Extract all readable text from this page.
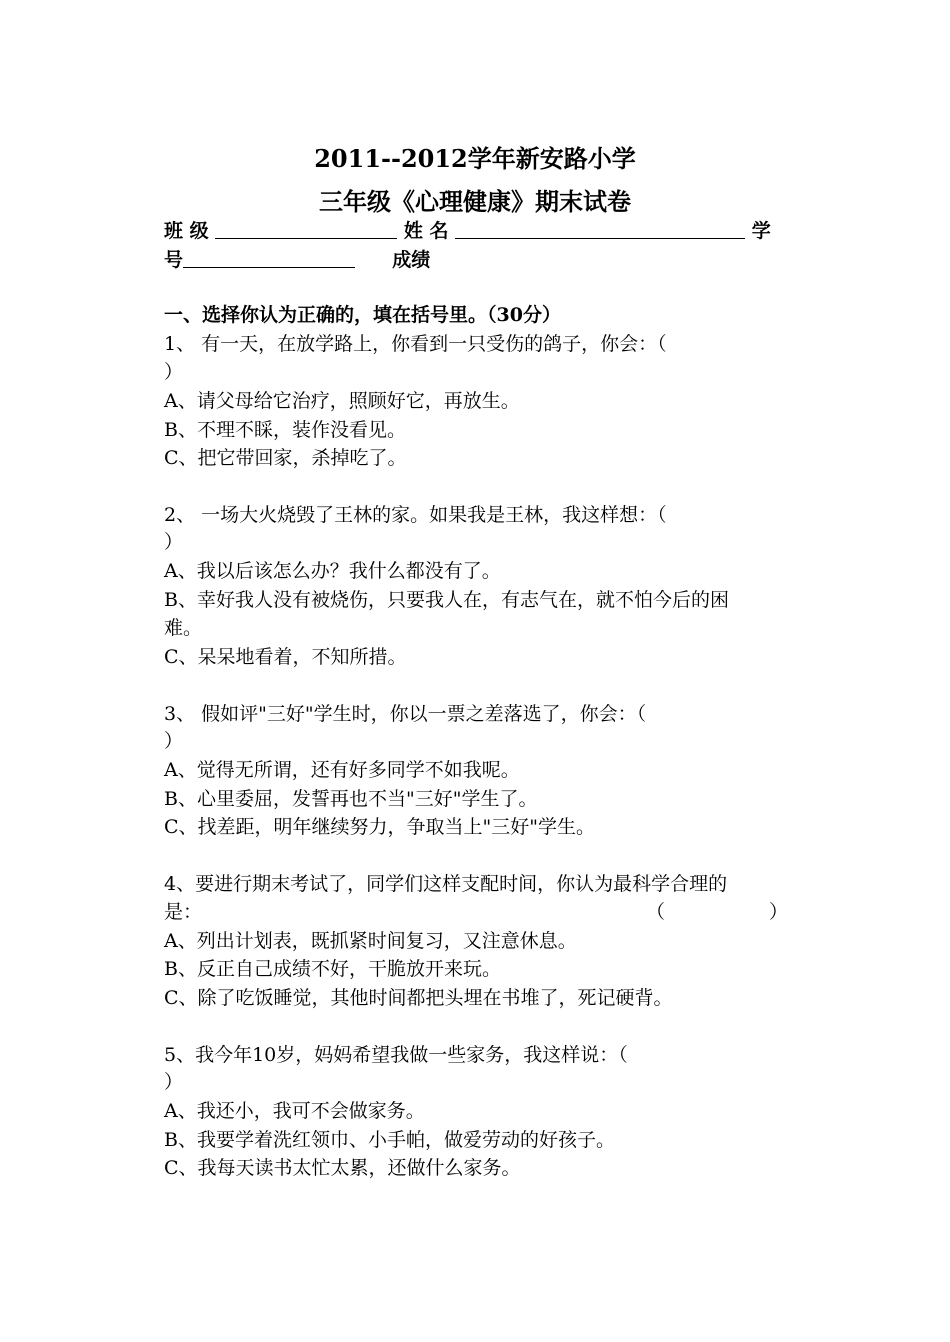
2011--2012学年新安路小学
三年级《心理健康》期末试卷
班 级	姓 名	学
号	成绩
一、选择你认为正确的，填在括号里。（30分）
1、 有一天，在放学路上，你看到一只受伤的鸽子，你会：（
）
A、请父母给它治疗，照顾好它，再放生。
B、不理不睬，装作没看见。
C、把它带回家，杀掉吃了。
2、 一场大火烧毁了王林的家。如果我是王林，我这样想：（
）
A、我以后该怎么办？我什么都没有了。
B、幸好我人没有被烧伤，只要我人在，有志气在，就不怕今后的困
难。
C、呆呆地看着，不知所措。
3、 假如评"三好"学生时，你以一票之差落选了，你会：（
）
A、觉得无所谓，还有好多同学不如我呢。
B、心里委屈，发誓再也不当"三好"学生了。
C、找差距，明年继续努力，争取当上"三好"学生。
4、要进行期末考试了，同学们这样支配时间，你认为最科学合理的
是：	（	）
A、列出计划表，既抓紧时间复习，又注意休息。
B、反正自己成绩不好，干脆放开来玩。
C、除了吃饭睡觉，其他时间都把头埋在书堆了，死记硬背。
5、我今年10岁，妈妈希望我做一些家务，我这样说：（
）
A、我还小，我可不会做家务。
B、我要学着洗红领巾、小手帕，做爱劳动的好孩子。
C、我每天读书太忙太累，还做什么家务。
